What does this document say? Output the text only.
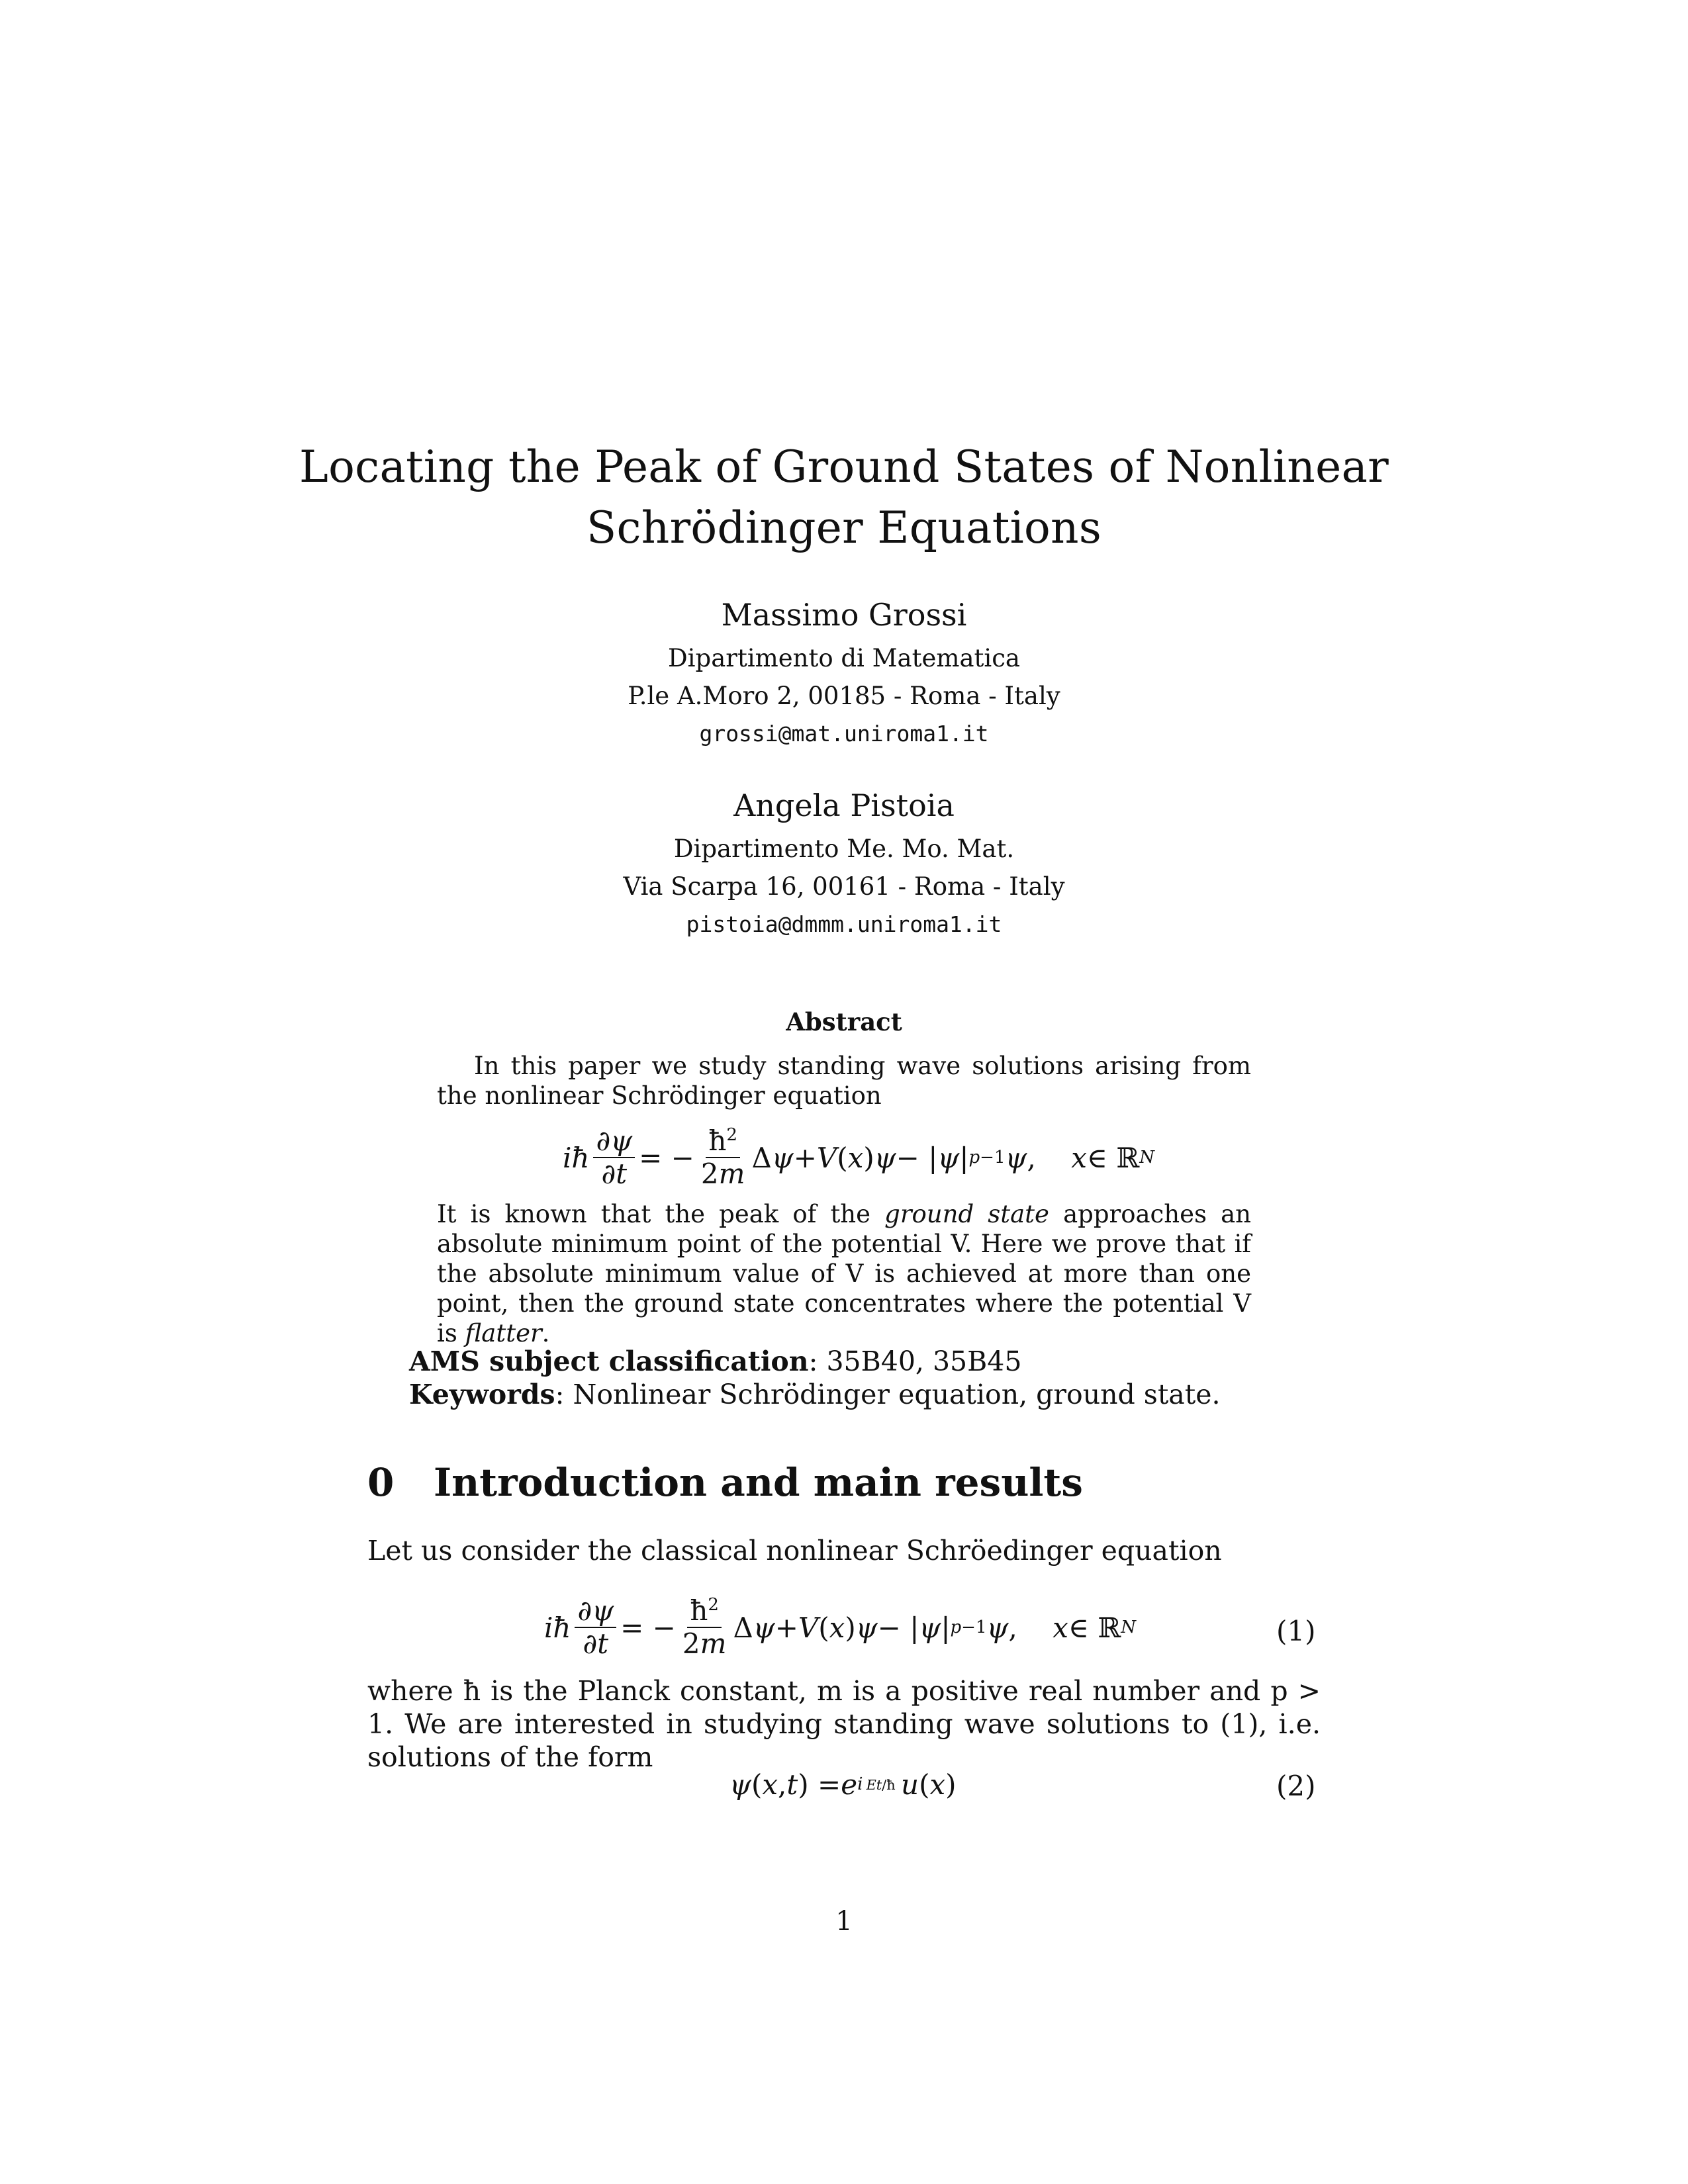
Locating the Peak of Ground States of Nonlinear
Schrödinger Equations
Massimo Grossi
Dipartimento di Matematica
P.le A.Moro 2, 00185 - Roma - Italy
grossi@mat.uniroma1.it
Angela Pistoia
Dipartimento Me. Mo. Mat.
Via Scarpa 16, 00161 - Roma - Italy
pistoia@dmmm.uniroma1.it
Abstract
In this paper we study standing wave solutions arising from the nonlinear Schrödinger equation
iħ $\frac{\partial\psi}{\partial t}$ = − $\frac{ħ^2}{2m}$ Δ ψ + V ( x ) ψ − | ψ | p−1 ψ , x ∈ ℝ N
It is known that the peak of the ground state approaches an absolute minimum point of the potential V. Here we prove that if the absolute minimum value of V is achieved at more than one point, then the ground state concentrates where the potential V is flatter.
AMS subject classification: 35B40, 35B45
Keywords: Nonlinear Schrödinger equation, ground state.
0 Introduction and main results
Let us consider the classical nonlinear Schröedinger equation
iħ $\frac{\partial\psi}{\partial t}$ = − $\frac{ħ^2}{2m}$ Δ ψ + V ( x ) ψ − | ψ | p−1 ψ , x ∈ ℝ N	(1)
where ħ is the Planck constant, m is a positive real number and p > 1. We are interested in studying standing wave solutions to (1), i.e. solutions of the form
ψ ( x , t ) = e i  Et/ħ
  u ( x )	(2)
1
